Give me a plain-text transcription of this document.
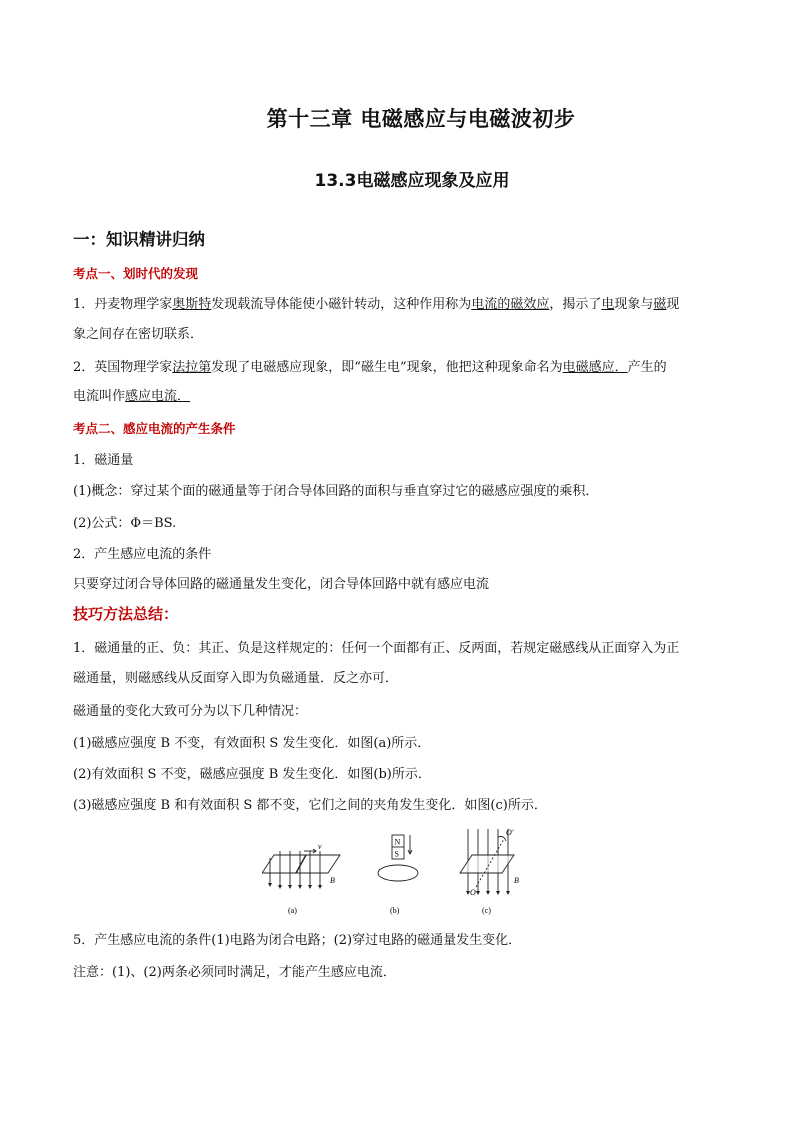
第十三章 电磁感应与电磁波初步
13.3电磁感应现象及应用
一：知识精讲归纳
考点一、划时代的发现
1．丹麦物理学家奥斯特发现载流导体能使小磁针转动，这种作用称为电流的磁效应，揭示了电现象与磁现
象之间存在密切联系．
2．英国物理学家法拉第发现了电磁感应现象，即“磁生电”现象，他把这种现象命名为电磁感应．产生的
电流叫作感应电流．
考点二、感应电流的产生条件
1．磁通量
(1)概念：穿过某个面的磁通量等于闭合导体回路的面积与垂直穿过它的磁感应强度的乘积．
(2)公式：Φ＝BS.
2．产生感应电流的条件
只要穿过闭合导体回路的磁通量发生变化，闭合导体回路中就有感应电流
技巧方法总结：
1．磁通量的正、负：其正、负是这样规定的：任何一个面都有正、反两面，若规定磁感线从正面穿入为正
磁通量，则磁感线从反面穿入即为负磁通量．反之亦可．
磁通量的变化大致可分为以下几种情况：
(1)磁感应强度 B 不变，有效面积 S 发生变化．如图(a)所示．
(2)有效面积 S 不变，磁感应强度 B 发生变化．如图(b)所示．
(3)磁感应强度 B 和有效面积 S 都不变，它们之间的夹角发生变化．如图(c)所示．
v
B
(a)
N
S
(b)
O′
O
B
(c)
5．产生感应电流的条件(1)电路为闭合电路；(2)穿过电路的磁通量发生变化．
注意：(1)、(2)两条必须同时满足，才能产生感应电流．
